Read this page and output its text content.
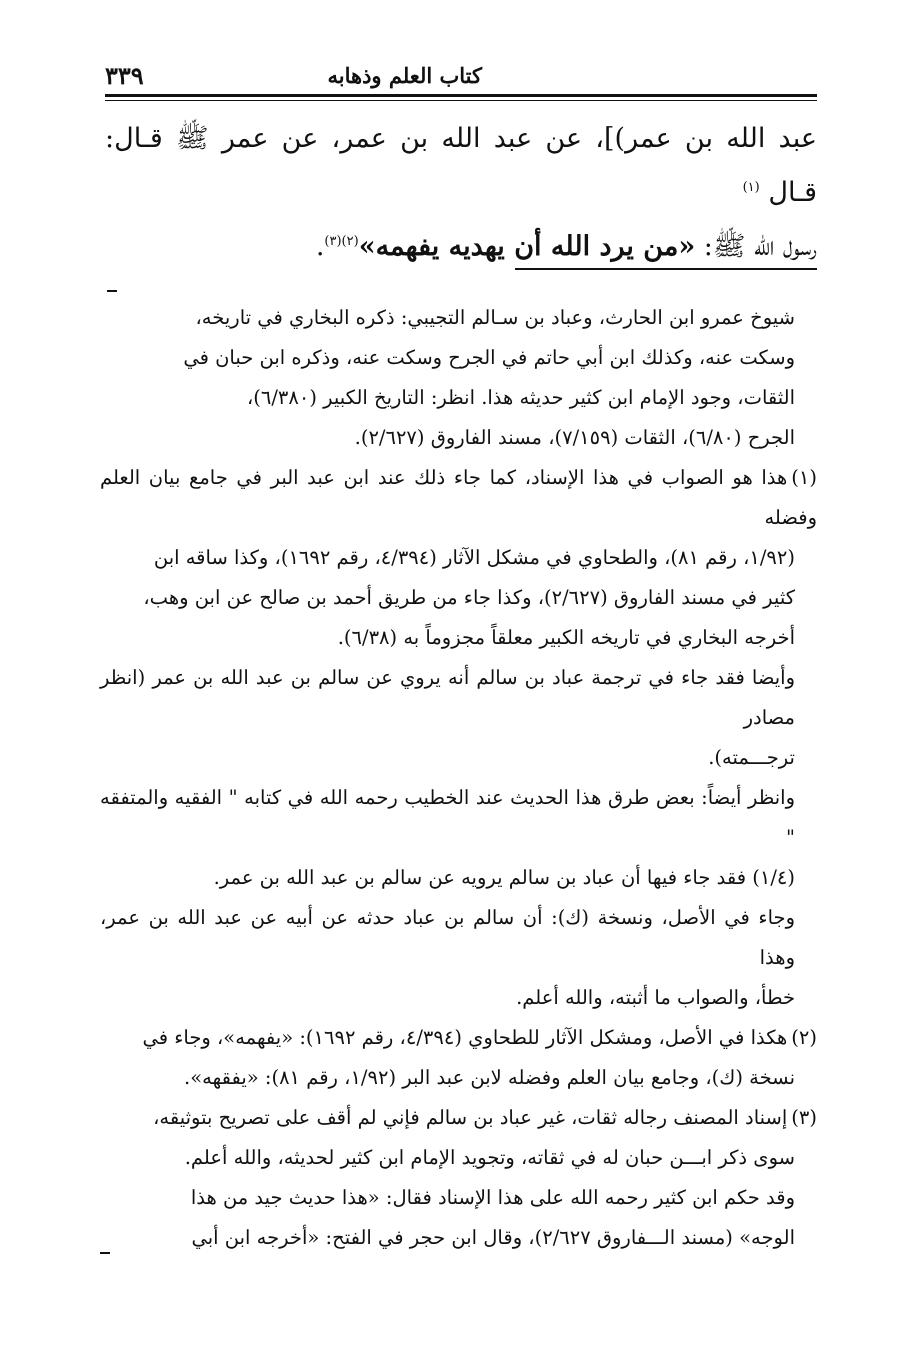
٣٣٩	كتاب العلم وذهابه

عبد الله بن عمر)]، عن عبد الله بن عمر، عن عمر ﷺ قـال: قـال $^{(١)}$

رسول الله ﷺ: «من يرد الله أن يهديه يفهمه»$^{(٢)(٣)}$.

شيوخ عمرو ابن الحارث، وعباد بن سـالم التجيبي: ذكره البخاري في تاريخه،

وسكت عنه، وكذلك ابن أبي حاتم في الجرح وسكت عنه، وذكره ابن حبان في

الثقات، وجود الإمام ابن كثير حديثه هذا. انظر: التاريخ الكبير (٦/٣٨٠)،

الجرح (٦/٨٠)، الثقات (٧/١٥٩)، مسند الفاروق (٢/٦٢٧).

(١)هذا هو الصواب في هذا الإسناد، كما جاء ذلك عند ابن عبد البر في جامع بيان العلم وفضله

(١/٩٢، رقم ٨١)، والطحاوي في مشكل الآثار (٤/٣٩٤، رقم ١٦٩٢)، وكذا ساقه ابن

كثير في مسند الفاروق (٢/٦٢٧)، وكذا جاء من طريق أحمد بن صالح عن ابن وهب،

أخرجه البخاري في تاريخه الكبير معلقاً مجزوماً به (٦/٣٨).

وأيضا فقد جاء في ترجمة عباد بن سالم أنه يروي عن سالم بن عبد الله بن عمر (انظر مصادر

ترجـــمته).

وانظر أيضاً: بعض طرق هذا الحديث عند الخطيب رحمه الله في كتابه " الفقيه والمتفقه "

(١/٤) فقد جاء فيها أن عباد بن سالم يرويه عن سالم بن عبد الله بن عمر.

وجاء في الأصل، ونسخة (ك): أن سالم بن عباد حدثه عن أبيه عن عبد الله بن عمر، وهذا

خطأ، والصواب ما أثبته، والله أعلم.

(٢)هكذا في الأصل، ومشكل الآثار للطحاوي (٤/٣٩٤، رقم ١٦٩٢): «يفهمه»، وجاء في

نسخة (ك)، وجامع بيان العلم وفضله لابن عبد البر (١/٩٢، رقم ٨١): «يفقهه».

(٣)إسناد المصنف رجاله ثقات، غير عباد بن سالم فإني لم أقف على تصريح بتوثيقه،

سوى ذكر ابـــن حبان له في ثقاته، وتجويد الإمام ابن كثير لحديثه، والله أعلم.

وقد حكم ابن كثير رحمه الله على هذا الإسناد فقال: «هذا حديث جيد من هذا

الوجه» (مسند الـــفاروق ٢/٦٢٧)، وقال ابن حجر في الفتح: «أخرجه ابن أبي
